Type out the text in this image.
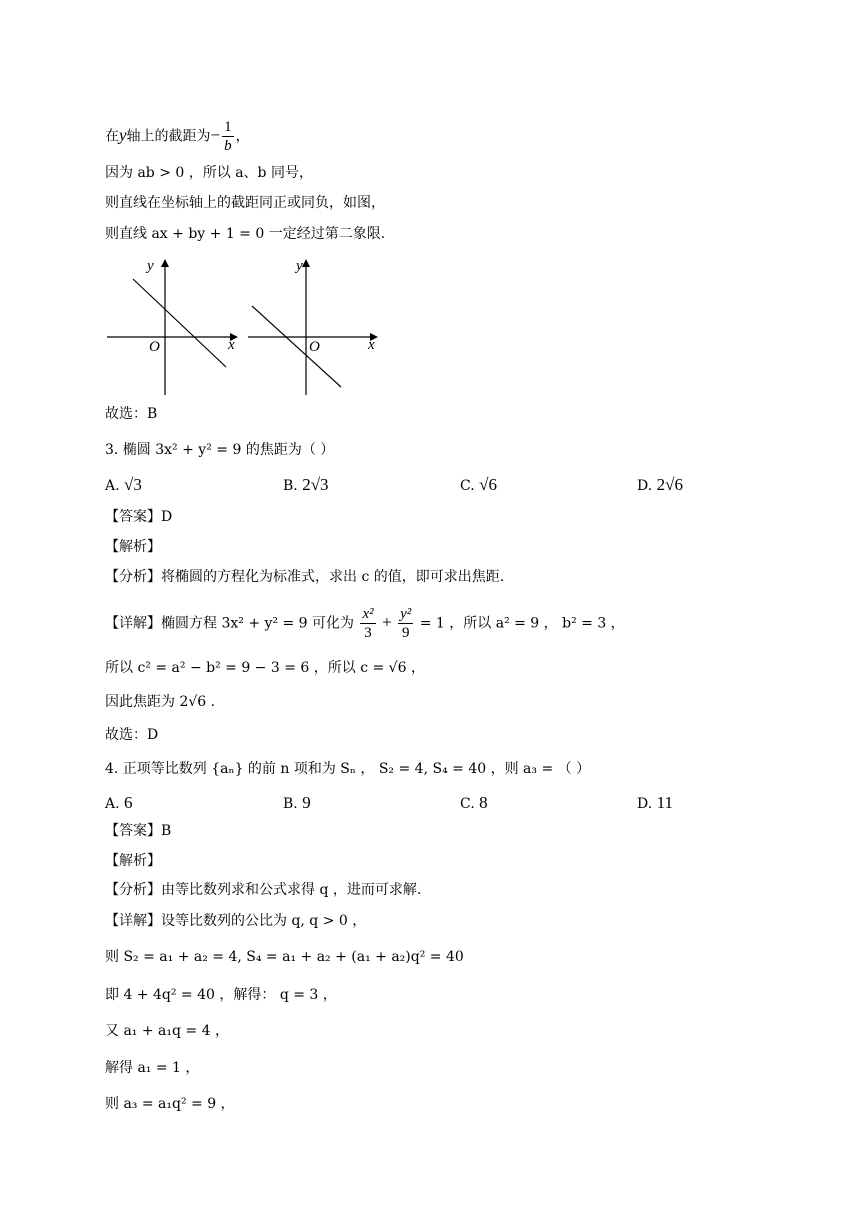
在y轴上的截距为− $\frac{1}{b}$ ，
因为 ab > 0 ，所以 a、b 同号，
则直线在坐标轴上的截距同正或同负，如图，
则直线 ax + by + 1 = 0 一定经过第二象限.
y
x
O
y
x
O
故选：B
3. 椭圆 3x² + y² = 9 的焦距为（ ）
A. √3	B. 2√3	C. √6	D. 2√6
【答案】D
【解析】
【分析】将椭圆的方程化为标准式，求出 c 的值，即可求出焦距.
【详解】椭圆方程 3x² + y² = 9 可化为 $\frac{\text{x²}}{3} + \frac{\text{y²}}{9} = 1$ ，所以 a² = 9 ， b² = 3 ，
所以 c² = a² − b² = 9 − 3 = 6 ，所以 c = √6 ，
因此焦距为 2√6 .
故选：D
4. 正项等比数列 {aₙ} 的前 n 项和为 Sₙ ， S₂ = 4, S₄ = 40 ，则 a₃ = （ ）
A. 6	B. 9	C. 8	D. 11
【答案】B
【解析】
【分析】由等比数列求和公式求得 q ，进而可求解.
【详解】设等比数列的公比为 q, q > 0 ，
则 S₂ = a₁ + a₂ = 4, S₄ = a₁ + a₂ + (a₁ + a₂)q² = 40
即 4 + 4q² = 40 ，解得： q = 3 ，
又 a₁ + a₁q = 4 ，
解得 a₁ = 1 ，
则 a₃ = a₁q² = 9 ，
